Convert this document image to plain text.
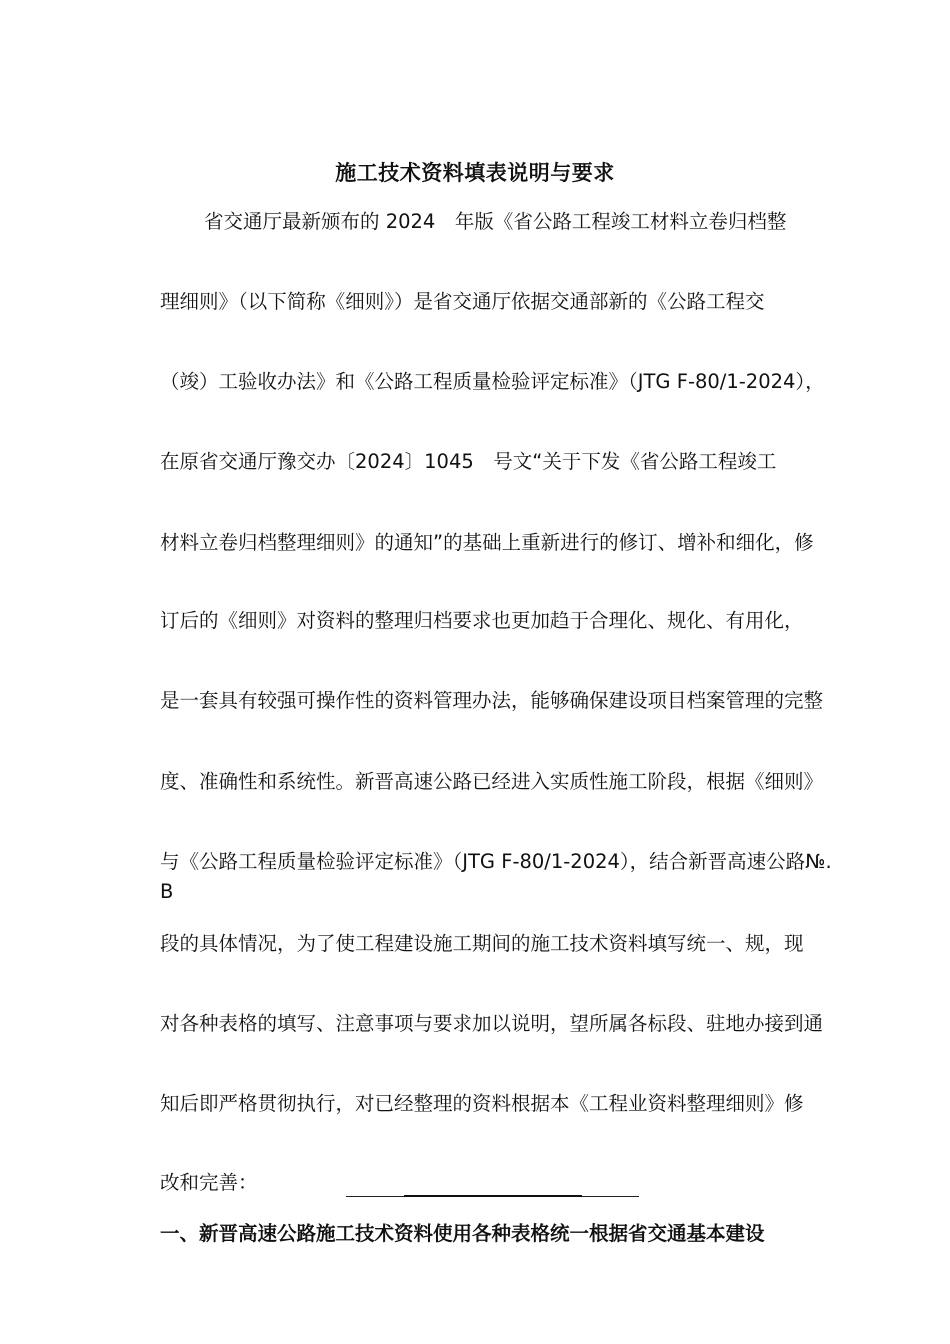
施工技术资料填表说明与要求

省交通厅最新颁布的 2024　年版《省公路工程竣工材料立卷归档整

理细则》（以下简称《细则》）是省交通厅依据交通部新的《公路工程交

（竣）工验收办法》和《公路工程质量检验评定标准》（JTG F-80/1-2024），

在原省交通厅豫交办〔2024〕1045　号文“关于下发《省公路工程竣工

材料立卷归档整理细则》的通知”的基础上重新进行的修订、增补和细化，修

订后的《细则》对资料的整理归档要求也更加趋于合理化、规化、有用化，

是一套具有较强可操作性的资料管理办法，能够确保建设项目档案管理的完整

度、准确性和系统性。新晋高速公路已经进入实质性施工阶段，根据《细则》

与《公路工程质量检验评定标准》（JTG F-80/1-2024），结合新晋高速公路№.B

段的具体情况，为了使工程建设施工期间的施工技术资料填写统一、规，现

对各种表格的填写、注意事项与要求加以说明，望所属各标段、驻地办接到通

知后即严格贯彻执行，对已经整理的资料根据本《工程业资料整理细则》修

改和完善：

一、新晋高速公路施工技术资料使用各种表格统一根据省交通基本建设
